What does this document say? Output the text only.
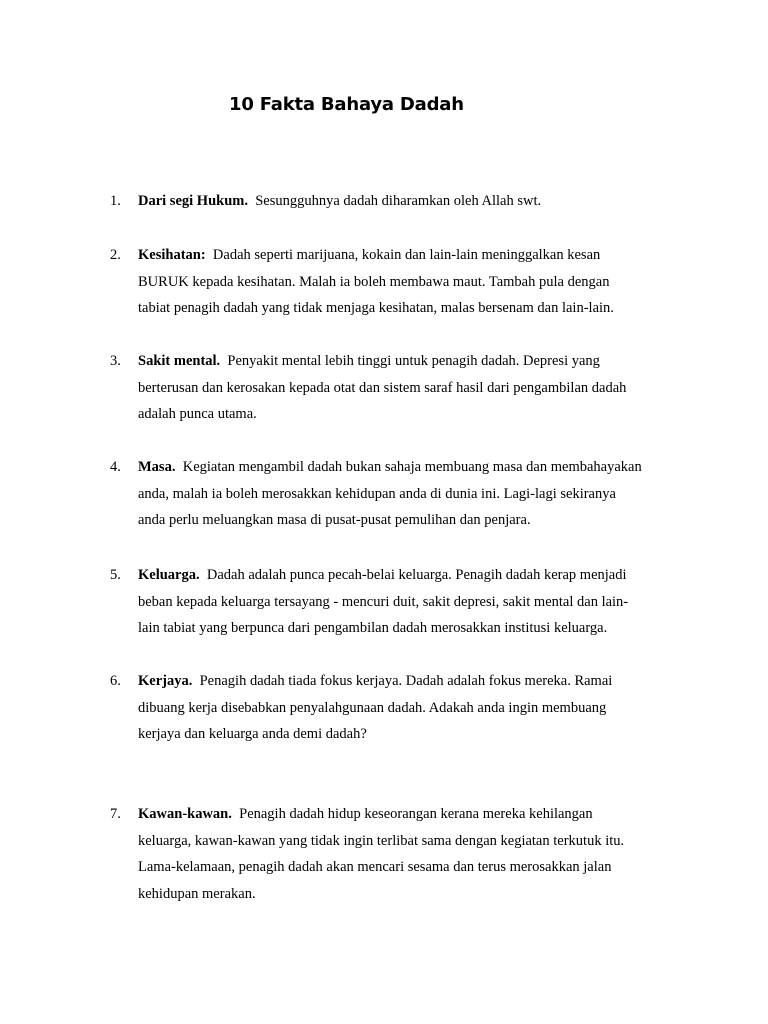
10 Fakta Bahaya Dadah
1.	Dari segi Hukum. Sesungguhnya dadah diharamkan oleh Allah swt.
2.	Kesihatan: Dadah seperti marijuana, kokain dan lain-lain meninggalkan kesan
BURUK kepada kesihatan. Malah ia boleh membawa maut. Tambah pula dengan
tabiat penagih dadah yang tidak menjaga kesihatan, malas bersenam dan lain-lain.
3.	Sakit mental. Penyakit mental lebih tinggi untuk penagih dadah. Depresi yang
berterusan dan kerosakan kepada otat dan sistem saraf hasil dari pengambilan dadah
adalah punca utama.
4.	Masa. Kegiatan mengambil dadah bukan sahaja membuang masa dan membahayakan
anda, malah ia boleh merosakkan kehidupan anda di dunia ini. Lagi-lagi sekiranya
anda perlu meluangkan masa di pusat-pusat pemulihan dan penjara.
5.	Keluarga. Dadah adalah punca pecah-belai keluarga. Penagih dadah kerap menjadi
beban kepada keluarga tersayang - mencuri duit, sakit depresi, sakit mental dan lain-
lain tabiat yang berpunca dari pengambilan dadah merosakkan institusi keluarga.
6.	Kerjaya. Penagih dadah tiada fokus kerjaya. Dadah adalah fokus mereka. Ramai
dibuang kerja disebabkan penyalahgunaan dadah. Adakah anda ingin membuang
kerjaya dan keluarga anda demi dadah?
7.	Kawan-kawan. Penagih dadah hidup keseorangan kerana mereka kehilangan
keluarga, kawan-kawan yang tidak ingin terlibat sama dengan kegiatan terkutuk itu.
Lama-kelamaan, penagih dadah akan mencari sesama dan terus merosakkan jalan
kehidupan merakan.
